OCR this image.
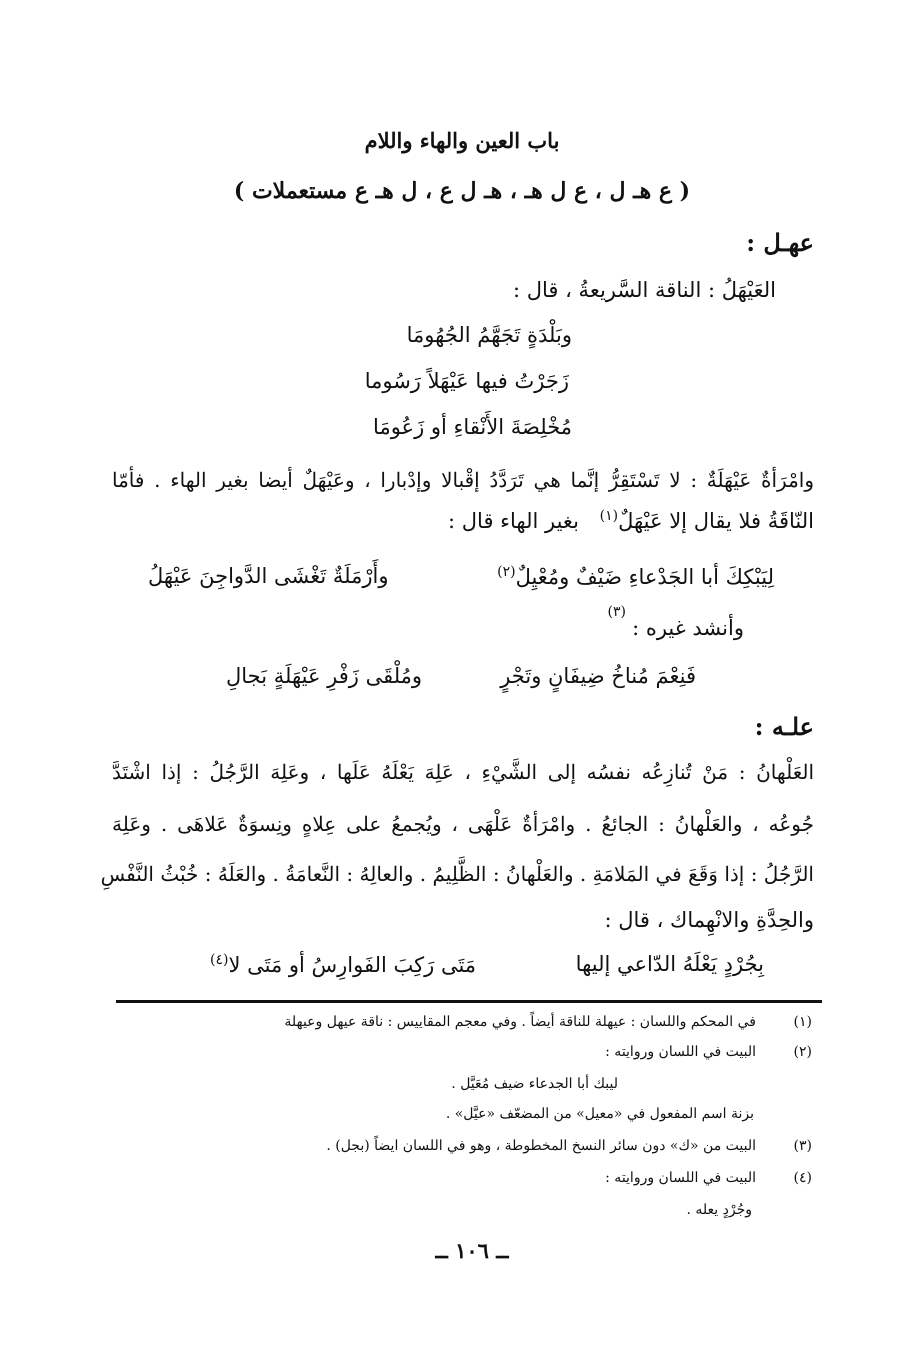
باب العين والهاء واللام
( ع هـ ل ، ع ل هـ ، هـ ل ع ، ل هـ ع مستعملات )
عهـل :
العَيْهَلُ : الناقة السَّريعةُ ، قال :
وبَلْدَةٍ تَجَهَّمُ الجُهُومَا
زَجَرْتُ فيها عَيْهَلاً رَسُوما
مُخْلِصَةَ الأَنْقاءِ أو زَعُومَا
وامْرَأةٌ عَيْهَلَةٌ : لا تَسْتَقِرُّ إنَّما هي تَرَدَّدُ إقْبالا وإدْبارا ، وعَيْهَلٌ أيضا بغير الهاء . فأمّا
النّاقَةُ فلا يقال إلا عَيْهَلٌ$^{(١)}$ بغير الهاء قال :
لِيَبْكِكَ أبا الجَدْعاءِ ضَيْفٌ ومُعْيِلٌ$^{(٢)}$
وأَرْمَلَةٌ تَغْشَى الدَّواجِنَ عَيْهَلُ
وأنشد غيره :
(٣)
فَنِعْمَ مُناخُ ضِيفَانٍ وتَجْرٍ
ومُلْقَى زَفْرِ عَيْهَلَةٍ بَجالِ
علـه :
العَلْهانُ : مَنْ تُنازِعُه نفسُه إلى الشَّيْءِ ، عَلِهَ يَعْلَهُ عَلَها ، وعَلِهَ الرَّجُلُ : إذا اشْتَدَّ
جُوعُه ، والعَلْهانُ : الجائعُ . وامْرَأةٌ عَلْهَى ، ويُجمعُ على عِلاهٍ ونِسوَةٌ عَلاهَى . وعَلِهَ
الرَّجُلُ : إذا وَقَعَ في المَلامَةِ . والعَلْهانُ : الظَّلِيمُ . والعالِهُ : النَّعامَةُ . والعَلَهُ : خُبْثُ النَّفْسِ
والحِدَّةِ والانْهِماك ، قال :
بِجُرْدٍ يَعْلَهُ الدّاعي إليها
مَتَى رَكِبَ الفَوارِسُ أو مَتَى لا$^{(٤)}$
(١)في المحكم واللسان : عيهلة للناقة أيضاً . وفي معجم المقاييس : ناقة عيهل وعيهلة
(٢)البيت في اللسان وروايته :
ليبك أبا الجدعاء ضيف مُعَيَّل .
بزنة اسم المفعول في «معيل» من المضعّف «عيَّل» .
(٣)البيت من «ك» دون سائر النسخ المخطوطة ، وهو في اللسان ايضاً (بجل) .
(٤)البيت في اللسان وروايته :
وجُرْدٍ يعله .
ــ ١٠٦ ــ
